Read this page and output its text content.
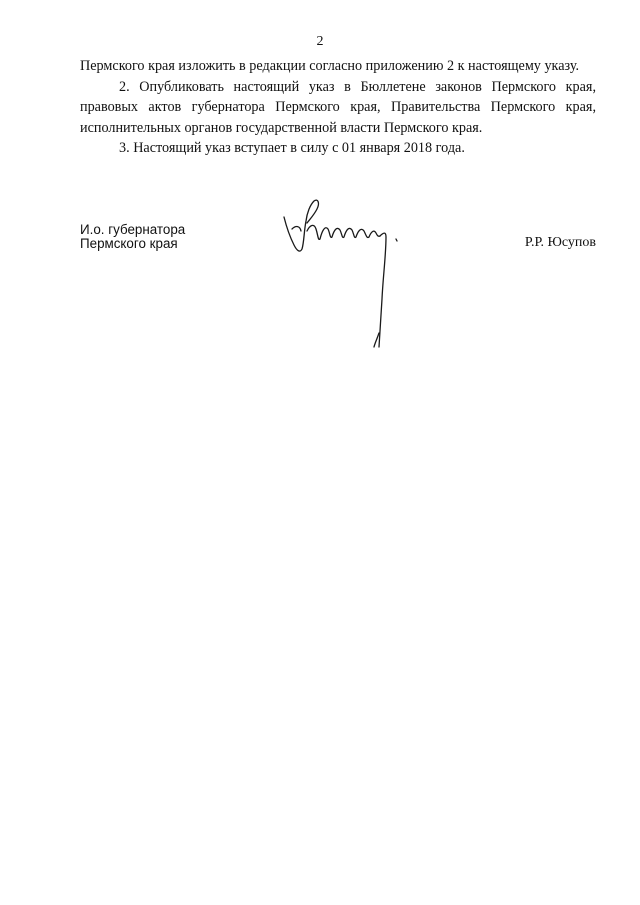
2

Пермского края изложить в редакции согласно приложению 2 к настоящему указу.

2. Опубликовать настоящий указ в Бюллетене законов Пермского края, правовых актов губернатора Пермского края, Правительства Пермского края, исполнительных органов государственной власти Пермского края.

3. Настоящий указ вступает в силу с 01 января 2018 года.

И.о. губернатора
Пермского края	Р.Р. Юсупов
